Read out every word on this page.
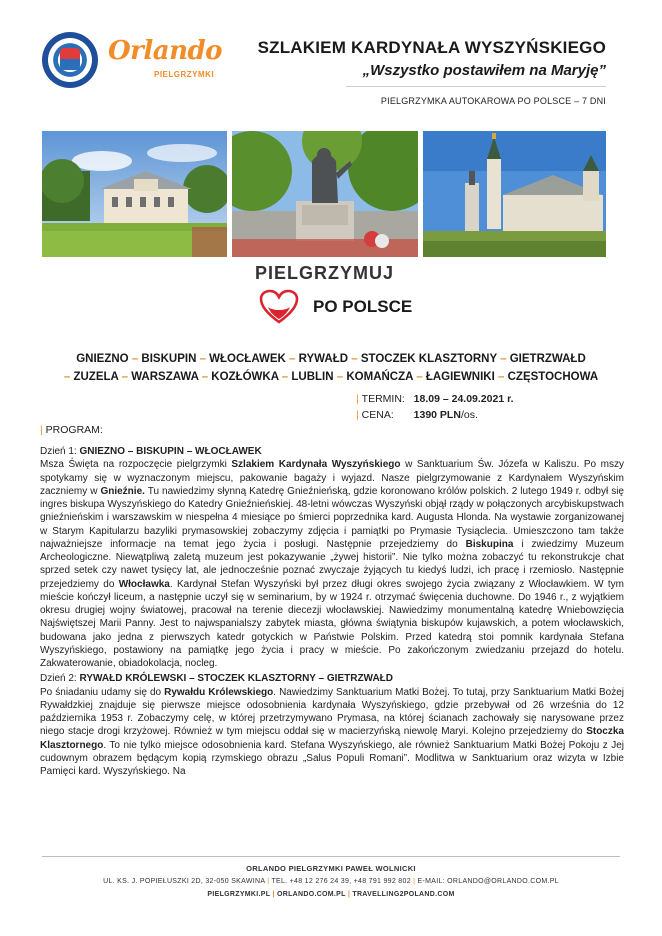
Orlando
PIELGRZYMKI
SZLAKIEM KARDYNAŁA WYSZYŃSKIEGO
„Wszystko postawiłem na Maryję”
PIELGRZYMKA AUTOKAROWA PO POLSCE – 7 DNI
PIELGRZYMUJ
PO POLSCE
GNIEZNO – BISKUPIN – WŁOCŁAWEK – RYWAŁD – STOCZEK KLASZTORNY – GIETRZWAŁD
– ZUZELA – WARSZAWA – KOZŁÓWKA – LUBLIN – KOMAŃCZA – ŁAGIEWNIKI – CZĘSTOCHOWA
| TERMIN: 18.09 – 24.09.2021 r.
| CENA: 1390 PLN/os.
| PROGRAM:
Dzień 1: GNIEZNO – BISKUPIN – WŁOCŁAWEK
Msza Święta na rozpoczęcie pielgrzymki Szlakiem Kardynała Wyszyńskiego w Sanktuarium Św. Józefa w Kaliszu. Po mszy spotykamy się w wyznaczonym miejscu, pakowanie bagaży i wyjazd. Nasze pielgrzymowanie z Kardynałem Wyszyńskim zaczniemy w Gnieźnie. Tu nawiedzimy słynną Katedrę Gnieźnieńską, gdzie koronowano królów polskich. 2 lutego 1949 r. odbył się ingres biskupa Wyszyńskiego do Katedry Gnieźnieńskiej. 48-letni wówczas Wyszyński objął rządy w połączonych arcybiskupstwach gnieźnieńskim i warszawskim w niespełna 4 miesiące po śmierci poprzednika kard. Augusta Hlonda. Na wystawie zorganizowanej w Starym Kapitularzu bazyliki prymasowskiej zobaczymy zdjęcia i pamiątki po Prymasie Tysiąclecia. Umieszczono tam także najważniejsze informacje na temat jego życia i posługi. Następnie przejedziemy do Biskupina i zwiedzimy Muzeum Archeologiczne. Niewątpliwą zaletą muzeum jest pokazywanie „żywej historii”. Nie tylko można zobaczyć tu rekonstrukcje chat sprzed setek czy nawet tysięcy lat, ale jednocześnie poznać zwyczaje żyjących tu kiedyś ludzi, ich pracę i rzemiosło. Następnie przejedziemy do Włocławka. Kardynał Stefan Wyszyński był przez długi okres swojego życia związany z Włocławkiem. W tym mieście kończył liceum, a następnie uczył się w seminarium, by w 1924 r. otrzymać święcenia duchowne. Do 1946 r., z wyjątkiem okresu drugiej wojny światowej, pracował na terenie diecezji włocławskiej. Nawiedzimy monumentalną katedrę Wniebowzięcia Najświętszej Marii Panny. Jest to najwspanialszy zabytek miasta, główna świątynia biskupów kujawskich, a potem włocławskich, budowana jako jedna z pierwszych katedr gotyckich w Państwie Polskim. Przed katedrą stoi pomnik kardynała Stefana Wyszyńskiego, postawiony na pamiątkę jego życia i pracy w mieście. Po zakończonym zwiedzaniu przejazd do hotelu. Zakwaterowanie, obiadokolacja, nocleg.
Dzień 2: RYWAŁD KRÓLEWSKI – STOCZEK KLASZTORNY – GIETRZWAŁD
Po śniadaniu udamy się do Rywałdu Królewskiego. Nawiedzimy Sanktuarium Matki Bożej. To tutaj, przy Sanktuarium Matki Bożej Rywałdzkiej znajduje się pierwsze miejsce odosobnienia kardynała Wyszyńskiego, gdzie przebywał od 26 września do 12 października 1953 r. Zobaczymy celę, w której przetrzymywano Prymasa, na której ścianach zachowały się narysowane przez niego stacje drogi krzyżowej. Również w tym miejscu oddał się w macierzyńską niewolę Maryi. Kolejno przejedziemy do Stoczka Klasztornego. To nie tylko miejsce odosobnienia kard. Stefana Wyszyńskiego, ale również Sanktuarium Matki Bożej Pokoju z Jej cudownym obrazem będącym kopią rzymskiego obrazu „Salus Populi Romani”. Modlitwa w Sanktuarium oraz wizyta w Izbie Pamięci kard. Wyszyńskiego. Na
ORLANDO PIELGRZYMKI PAWEŁ WOLNICKI
UL. KS. J. POPIEŁUSZKI 2D, 32-050 SKAWINA | TEL. +48 12 276 24 39, +48 791 992 802 | E-MAIL: ORLANDO@ORLANDO.COM.PL
PIELGRZYMKI.PL | ORLANDO.COM.PL | TRAVELLING2POLAND.COM
